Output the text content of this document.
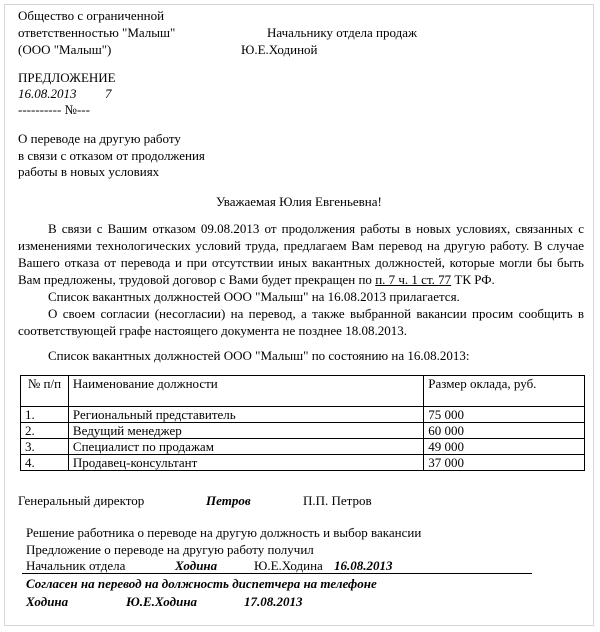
Общество с ограниченной
ответственностью "Малыш"
(ООО "Малыш")
Начальнику отдела продаж
Ю.Е.Ходиной
ПРЕДЛОЖЕНИЕ
16.08.2013 7
---------- №---
О переводе на другую работу
в связи с отказом от продолжения
работы в новых условиях
Уважаемая Юлия Евгеньевна!

В связи с Вашим отказом 09.08.2013 от продолжения работы в новых условиях, связанных с изменениями технологических условий труда, предлагаем Вам перевод на другую работу. В случае Вашего отказа от перевода и при отсутствии иных вакантных должностей, которые могли бы быть Вам предложены, трудовой договор с Вами будет прекращен по п. 7 ч. 1 ст. 77 ТК РФ.

Список вакантных должностей ООО "Малыш" на 16.08.2013 прилагается.

О своем согласии (несогласии) на перевод, а также выбранной вакансии просим сообщить в соответствующей графе настоящего документа не позднее 18.08.2013.

Список вакантных должностей ООО "Малыш" по состоянию на 16.08.2013:
№ п/п	Наименование должности	Размер оклада, руб.
1.	Региональный представитель	75 000
2.	Ведущий менеджер	60 000
3.	Специалист по продажам	49 000
4.	Продавец-консультант	37 000
Генеральный директор	Петров	П.П. Петров
Решение работника о переводе на другую должность и выбор вакансии
Предложение о переводе на другую работу получил
Начальник отдела	Ходина	Ю.Е.Ходина 16.08.2013
Согласен на перевод на должность диспетчера на телефоне
Ходина	Ю.Е.Ходина	17.08.2013
